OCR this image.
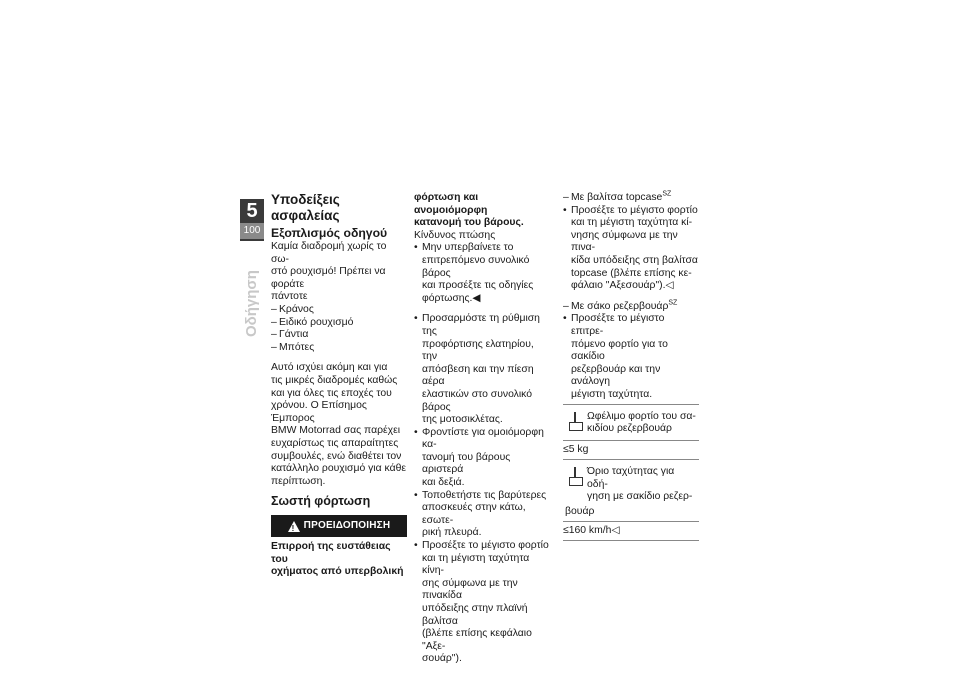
5
100
Οδήγηση
Υποδείξεις ασφαλείας
Εξοπλισμός οδηγού

Καμία διαδρομή χωρίς το σω-

στό ρουχισμό! Πρέπει να φοράτε

πάντοτε

– Κράνος
– Ειδικό ρουχισμό
– Γάντια
– Μπότες

Αυτό ισχύει ακόμη και για

τις μικρές διαδρομές καθώς

και για όλες τις εποχές του

χρόνου. Ο Επίσημος Έμπορος

BMW Motorrad σας παρέχει

ευχαρίστως τις απαραίτητες

συμβουλές, ενώ διαθέτει τον

κατάλληλο ρουχισμό για κάθε

περίπτωση.

Σωστή φόρτωση
! ΠΡΟΕΙΔΟΠΟΙΗΣΗ

Επιρροή της ευστάθειας του

οχήματος από υπερβολική

φόρτωση και ανομοιόμορφη

κατανομή του βάρους.

Κίνδυνος πτώσης

• Μην υπερβαίνετε το

επιτρεπόμενο συνολικό βάρος

και προσέξτε τις οδηγίες

φόρτωσης.◀

• Προσαρμόστε τη ρύθμιση της

προφόρτισης ελατηρίου, την

απόσβεση και την πίεση αέρα

ελαστικών στο συνολικό βάρος

της μοτοσικλέτας.

• Φροντίστε για ομοιόμορφη κα-

τανομή του βάρους αριστερά

και δεξιά.

• Τοποθετήστε τις βαρύτερες

αποσκευές στην κάτω, εσωτε-

ρική πλευρά.

• Προσέξτε το μέγιστο φορτίο

και τη μέγιστη ταχύτητα κίνη-

σης σύμφωνα με την πινακίδα

υπόδειξης στην πλαϊνή βαλίτσα

(βλέπε επίσης κεφάλαιο "Αξε-

σουάρ").

– Με βαλίτσα topcase$^{SZ}$

• Προσέξτε το μέγιστο φορτίο

και τη μέγιστη ταχύτητα κί-

νησης σύμφωνα με την πινα-

κίδα υπόδειξης στη βαλίτσα

topcase (βλέπε επίσης κε-

φάλαιο "Αξεσουάρ").◁

– Με σάκο ρεζερβουάρ$^{SZ}$

• Προσέξτε το μέγιστο επιτρε-

πόμενο φορτίο για το σακίδιο

ρεζερβουάρ και την ανάλογη

μέγιστη ταχύτητα.

Ωφέλιμο φορτίο του σα-

κιδίου ρεζερβουάρ

≤5 kg

Όριο ταχύτητας για οδή-

γηση με σακίδιο ρεζερ-

βουάρ

≤160 km/h◁
